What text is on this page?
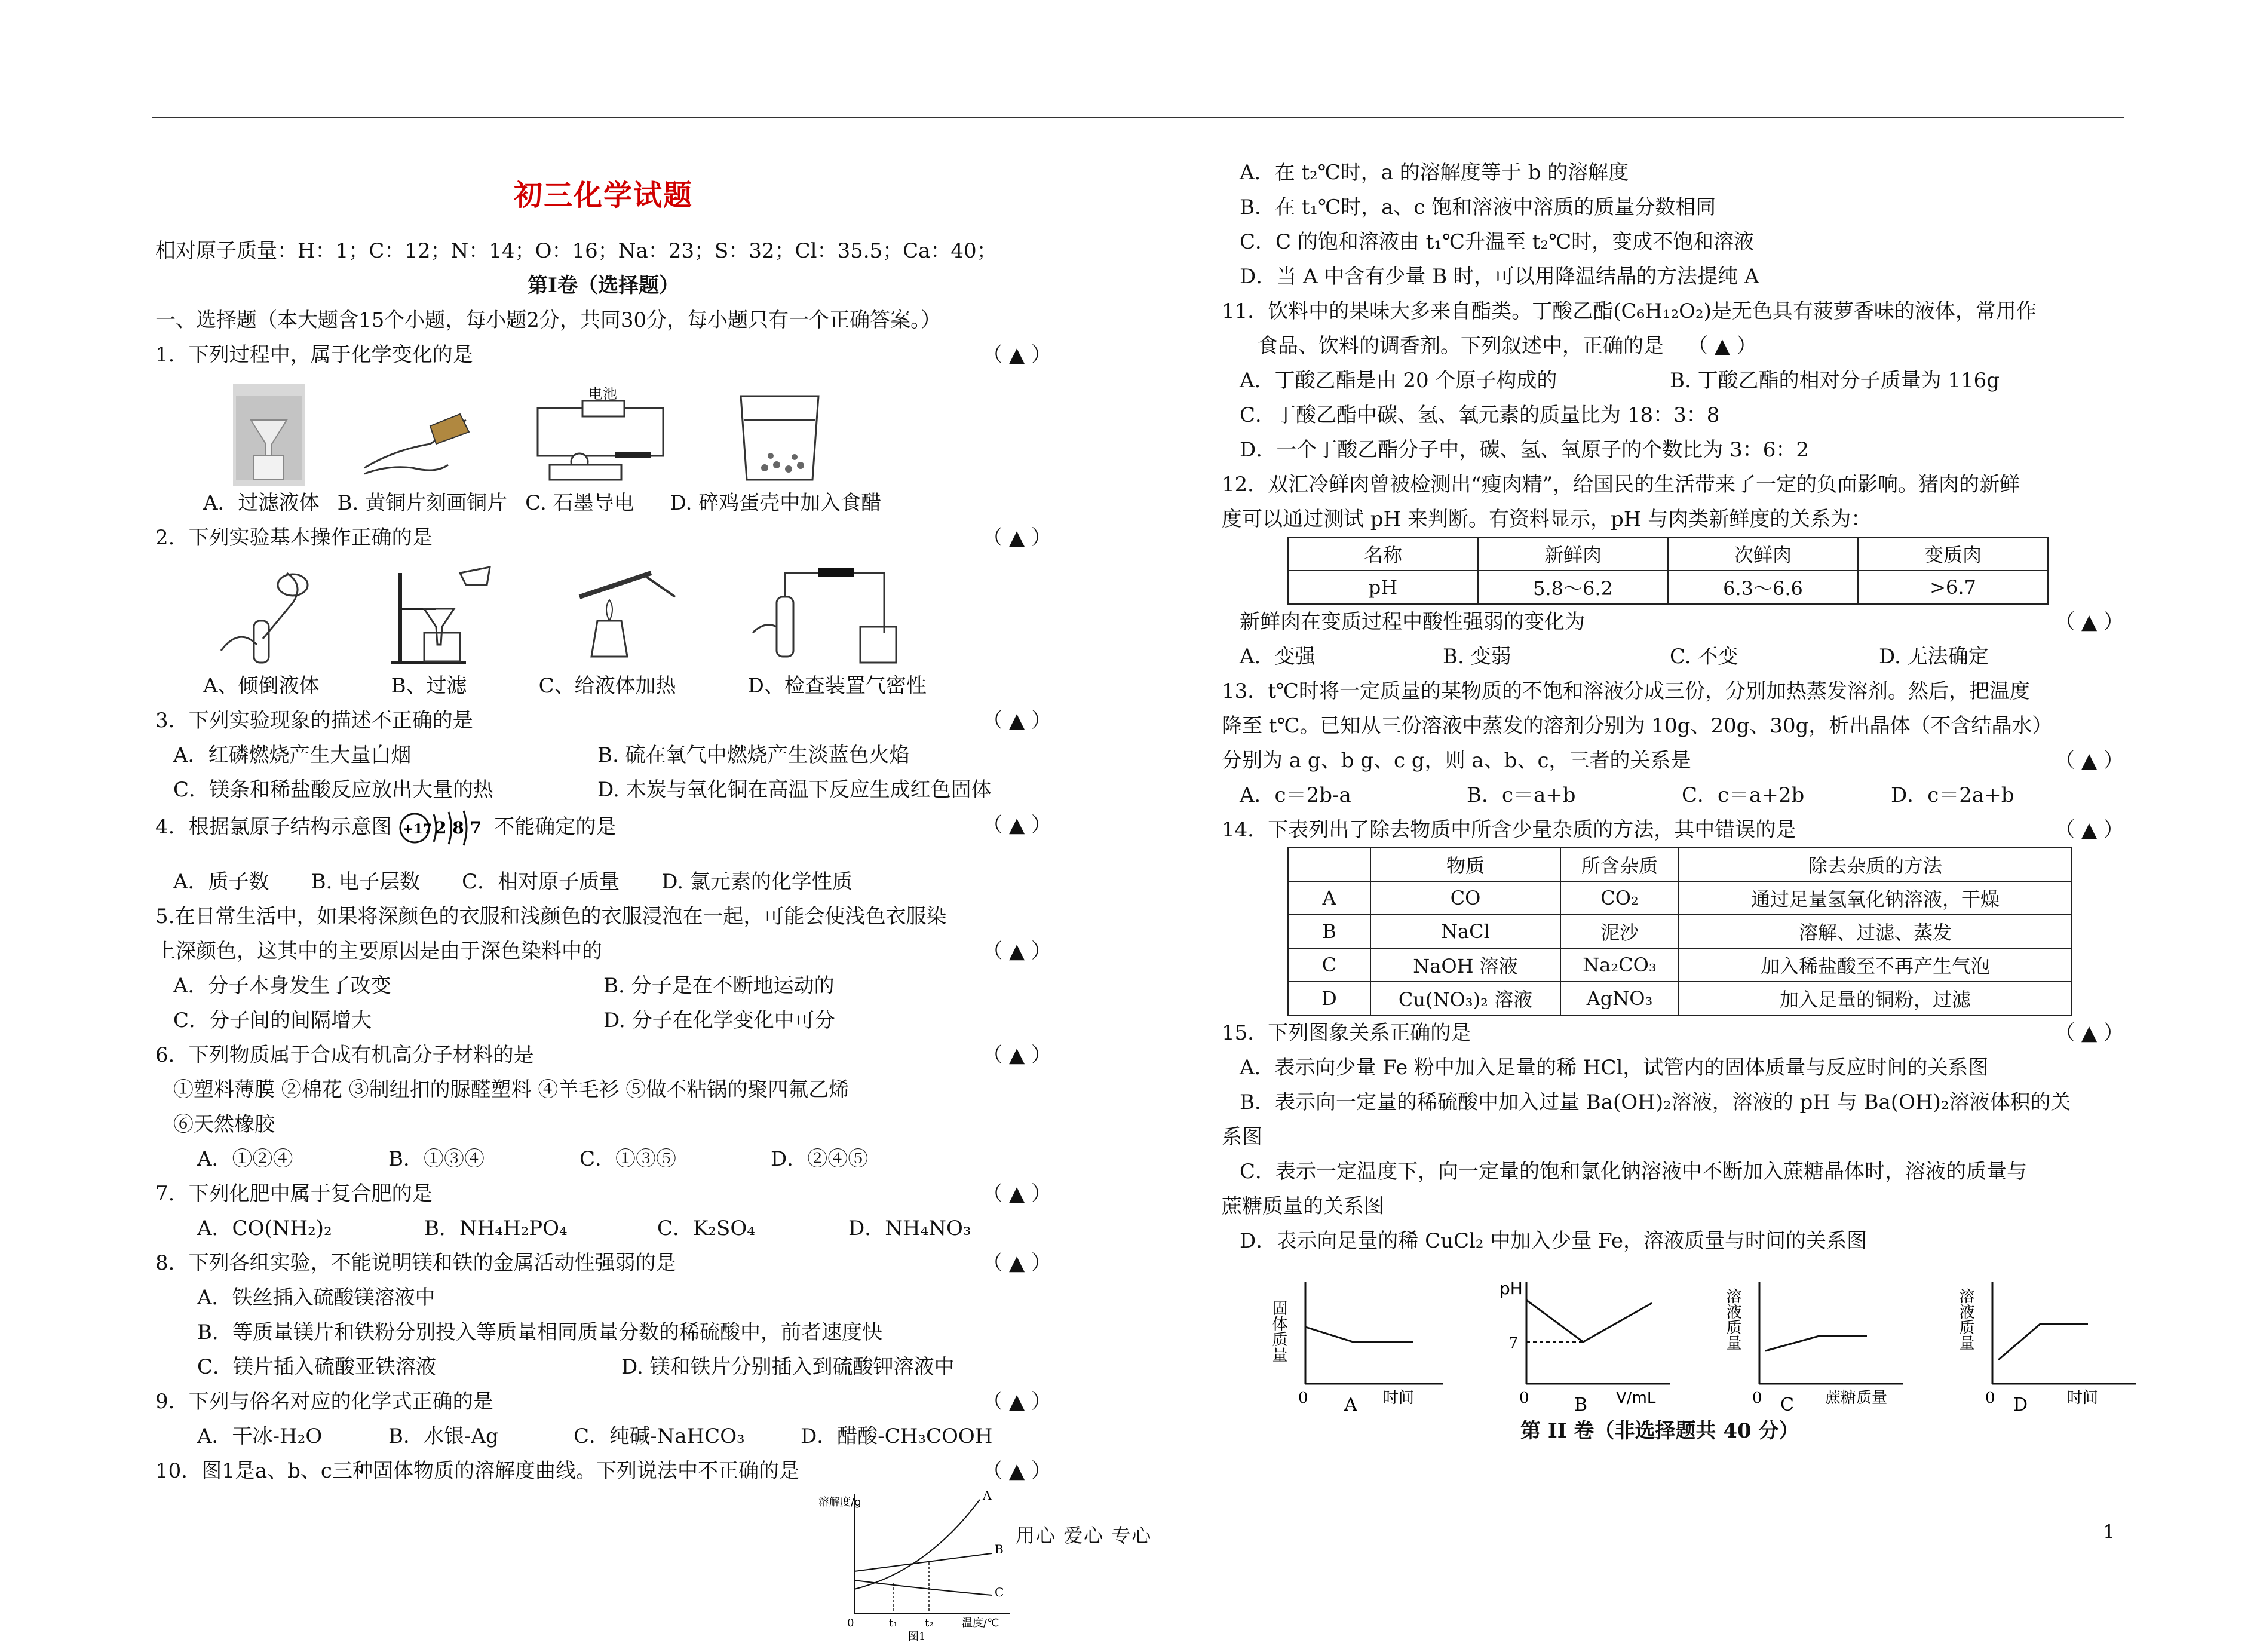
初三化学试题
相对原子质量：H：1；C：12；N：14；O：16；Na：23；S：32；Cl：35.5；Ca：40；
第Ⅰ卷（选择题）
一、选择题（本大题含15个小题，每小题2分，共同30分，每小题只有一个正确答案。）
1．下列过程中，属于化学变化的是	（ ▲ ）
电池
A．过滤液体 B. 黄铜片刻画铜片 C. 石墨导电 D. 碎鸡蛋壳中加入食醋
2．下列实验基本操作正确的是	（ ▲ ）
A、倾倒液体	B、过滤	C、给液体加热	D、检查装置气密性
3．下列实验现象的描述不正确的是	（ ▲ ）
A．红磷燃烧产生大量白烟	B. 硫在氧气中燃烧产生淡蓝色火焰
C．镁条和稀盐酸反应放出大量的热	D. 木炭与氧化铜在高温下反应生成红色固体
4．根据氯原子结构示意图 +17 2 8 7 不能确定的是	（ ▲ ）
A．质子数 B. 电子层数 C．相对原子质量 D. 氯元素的化学性质
5.在日常生活中，如果将深颜色的衣服和浅颜色的衣服浸泡在一起，可能会使浅色衣服染
上深颜色，这其中的主要原因是由于深色染料中的	（ ▲ ）
A．分子本身发生了改变	B. 分子是在不断地运动的
C．分子间的间隔增大	D. 分子在化学变化中可分
6．下列物质属于合成有机高分子材料的是	（ ▲ ）
①塑料薄膜 ②棉花 ③制纽扣的脲醛塑料 ④羊毛衫 ⑤做不粘锅的聚四氟乙烯
⑥天然橡胶
A．①②④	B．①③④	C．①③⑤	D．②④⑤
7．下列化肥中属于复合肥的是	（ ▲ ）
A．CO(NH₂)₂	B．NH₄H₂PO₄	C．K₂SO₄	D．NH₄NO₃
8．下列各组实验，不能说明镁和铁的金属活动性强弱的是	（ ▲ ）
A．铁丝插入硫酸镁溶液中
B．等质量镁片和铁粉分别投入等质量相同质量分数的稀硫酸中，前者速度快
C．镁片插入硫酸亚铁溶液	D. 镁和铁片分别插入到硫酸钾溶液中
9．下列与俗名对应的化学式正确的是	（ ▲ ）
A．干冰-H₂O	B．水银-Ag	C．纯碱-NaHCO₃	D．醋酸-CH₃COOH
10．图1是a、b、c三种固体物质的溶解度曲线。下列说法中不正确的是	（ ▲ ）
溶解度/g	A
B
C
0	t₁	t₂	温度/℃
图1
A．在 t₂℃时，a 的溶解度等于 b 的溶解度
B．在 t₁℃时，a、c 饱和溶液中溶质的质量分数相同
C．C 的饱和溶液由 t₁℃升温至 t₂℃时，变成不饱和溶液
D．当 A 中含有少量 B 时，可以用降温结晶的方法提纯 A
11．饮料中的果味大多来自酯类。丁酸乙酯(C₆H₁₂O₂)是无色具有菠萝香味的液体，常用作
食品、饮料的调香剂。下列叙述中，正确的是 （ ▲ ）
A．丁酸乙酯是由 20 个原子构成的	B. 丁酸乙酯的相对分子质量为 116g
C．丁酸乙酯中碳、氢、氧元素的质量比为 18：3：8
D．一个丁酸乙酯分子中，碳、氢、氧原子的个数比为 3：6：2
12．双汇冷鲜肉曾被检测出“瘦肉精”，给国民的生活带来了一定的负面影响。猪肉的新鲜
度可以通过测试 pH 来判断。有资料显示，pH 与肉类新鲜度的关系为：
名称	新鲜肉	次鲜肉	变质肉
pH	5.8～6.2	6.3～6.6	>6.7
新鲜肉在变质过程中酸性强弱的变化为	（ ▲ ）
A．变强	B. 变弱	C. 不变	D. 无法确定
13．t℃时将一定质量的某物质的不饱和溶液分成三份，分别加热蒸发溶剂。然后，把温度
降至 t℃。已知从三份溶液中蒸发的溶剂分别为 10g、20g、30g，析出晶体（不含结晶水）
分别为 a g、b g、c g，则 a、b、c，三者的关系是	（ ▲ ）
A．c＝2b-a	B．c＝a+b	C．c＝a+2b	D．c＝2a+b
14．下表列出了除去物质中所含少量杂质的方法，其中错误的是	（ ▲ ）
	物质	所含杂质	除去杂质的方法
A	CO	CO₂	通过足量氢氧化钠溶液，干燥
B	NaCl	泥沙	溶解、过滤、蒸发
C	NaOH 溶液	Na₂CO₃	加入稀盐酸至不再产生气泡
D	Cu(NO₃)₂ 溶液	AgNO₃	加入足量的铜粉，过滤
15．下列图象关系正确的是	（ ▲ ）
A．表示向少量 Fe 粉中加入足量的稀 HCl，试管内的固体质量与反应时间的关系图
B．表示向一定量的稀硫酸中加入过量 Ba(OH)₂溶液，溶液的 pH 与 Ba(OH)₂溶液体积的关
系图
C．表示一定温度下，向一定量的饱和氯化钠溶液中不断加入蔗糖晶体时，溶液的质量与
蔗糖质量的关系图
D．表示向足量的稀 CuCl₂ 中加入少量 Fe，溶液质量与时间的关系图
固体质量
0 A 时间
pH
7
0	B V/mL
溶液质量
0 C 蔗糖质量
溶液质量
0 D	时间
第 II 卷（非选择题共 40 分）
用心 爱心 专心	1
